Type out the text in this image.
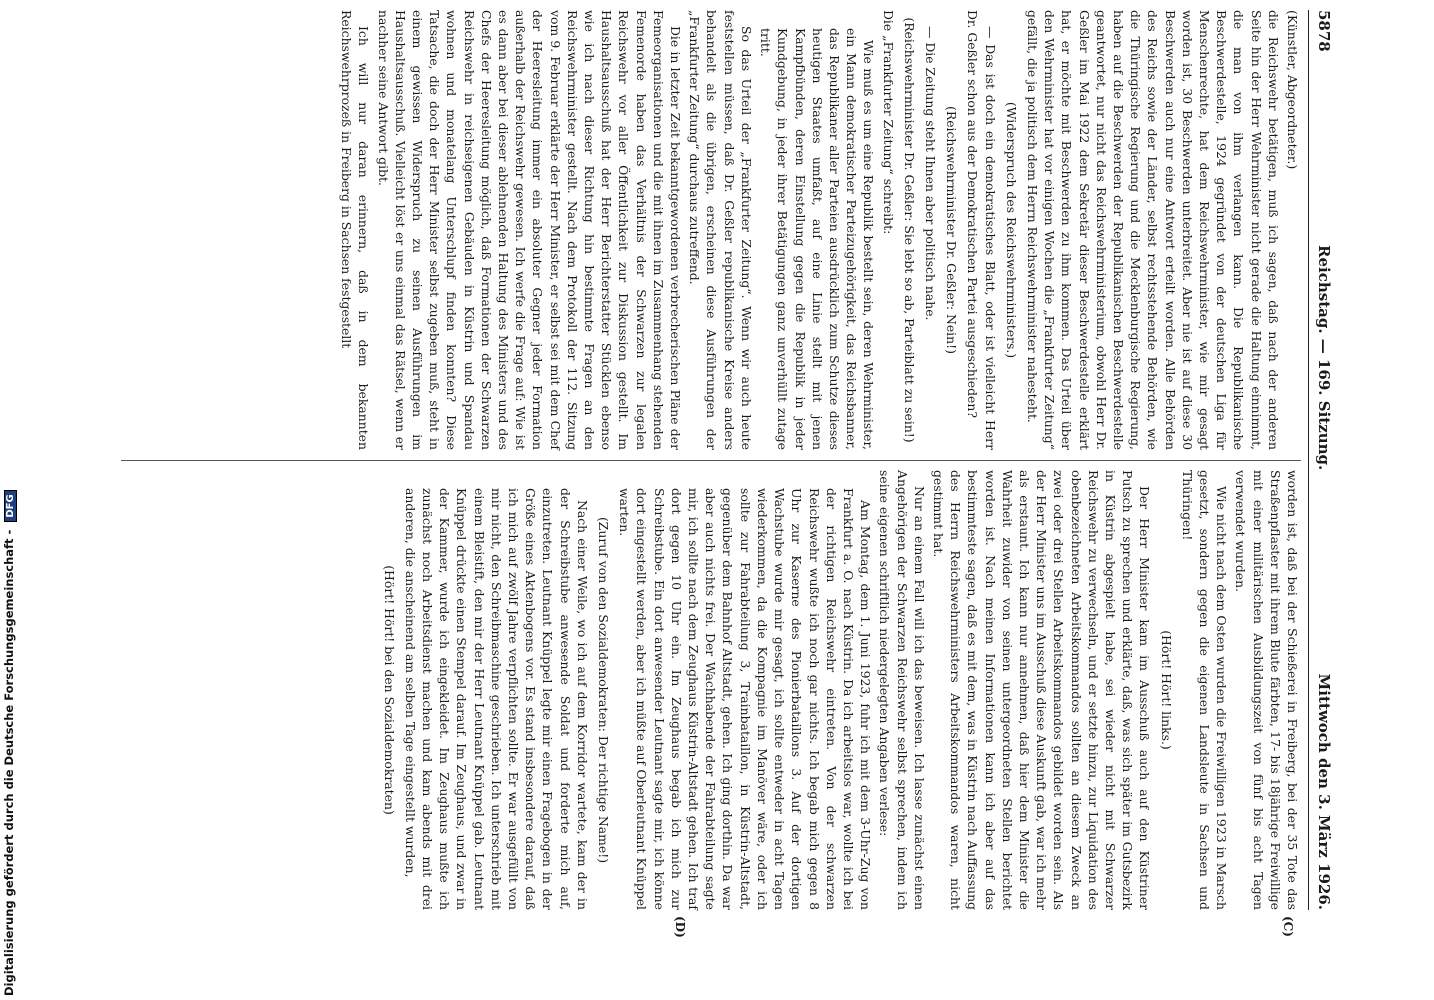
5878
Reichstag. — 169. Sitzung.
Mittwoch den 3. März 1926.
(C)
(D)

(Künstler, Abgeordneter.)

die Reichswehr betätigen, muß ich sagen, daß nach der anderen Seite hin der Herr Wehrminister nicht gerade die Haltung einnimmt, die man von ihm verlangen kann. Die Republikanische Beschwerdestelle, 1924 gegründet von der deutschen Liga für Menschenrechte, hat dem Reichswehrminister, wie mir gesagt worden ist, 30 Beschwerden unterbreitet. Aber nie ist auf diese 30 Beschwerden auch nur eine Antwort erteilt worden. Alle Behörden des Reichs sowie der Länder, selbst rechtsstehende Behörden, wie die Thüringische Regierung und die Mecklenburgische Regierung, haben auf die Beschwerden der Republikanischen Beschwerdestelle geantwortet, nur nicht das Reichswehrministerium, obwohl Herr Dr. Geßler im Mai 1922 dem Sekretär dieser Beschwerdestelle erklärt hat, er möchte mit Beschwerden zu ihm kommen. Das Urteil über den Wehrminister hat vor einigen Wochen die „Frankfurter Zeitung“ gefällt, die ja politisch dem Herrn Reichswehrminister nahesteht.

(Widerspruch des Reichswehrministers.)

— Das ist doch ein demokratisches Blatt, oder ist vielleicht Herr Dr. Geßler schon aus der Demokratischen Partei ausgeschieden?

(Reichswehrminister Dr. Geßler: Nein!)

— Die Zeitung steht Ihnen aber politisch nahe.

(Reichswehrminister Dr. Geßler: Sie lebt so ab, Parteiblatt zu sein!)

Die „Frankfurter Zeitung“ schreibt:

Wie muß es um eine Republik bestellt sein, deren Wehrminister, ein Mann demokratischer Parteizugehörigkeit, das Reichsbanner, das Republikaner aller Parteien ausdrücklich zum Schutze dieses heutigen Staates umfaßt, auf eine Linie stellt mit jenen Kampfbünden, deren Einstellung gegen die Republik in jeder Kundgebung, in jeder ihrer Betätigungen ganz unverhüllt zutage tritt.

So das Urteil der „Frankfurter Zeitung“. Wenn wir auch heute feststellen müssen, daß Dr. Geßler republikanische Kreise anders behandelt als die übrigen, erscheinen diese Ausführungen der „Frankfurter Zeitung“ durchaus zutreffend.

Die in letzter Zeit bekanntgewordenen verbrecherischen Pläne der Femeorganisationen und die mit ihnen im Zusammenhang stehenden Femenorde haben das Verhältnis der Schwarzen zur legalen Reichswehr vor aller Öffentlichkeit zur Diskussion gestellt. Im Haushaltsausschuß hat der Herr Berichterstatter Stücklen ebenso wie ich nach dieser Richtung hin bestimmte Fragen an den Reichswehrminister gestellt. Nach dem Protokoll der 112. Sitzung vom 9. Februar erklärte der Herr Minister, er selbst sei mit dem Chef der Heeresleitung immer ein absoluter Gegner jeder Formation außerhalb der Reichswehr gewesen. Ich werfe die Frage auf: Wie ist es dann aber bei dieser ablehnenden Haltung des Ministers und des Chefs der Heeresleitung möglich, daß Formationen der Schwarzen Reichswehr in reichseigenen Gebäuden in Küstrin und Spandau wohnen und monatelang Unterschlupf finden konnten? Diese Tatsache, die doch der Herr Minister selbst zugeben muß, steht in einem gewissen Widerspruch zu seinen Ausführungen im Haushaltsausschuß. Vielleicht löst er uns einmal das Rätsel, wenn er nachher seine Antwort gibt.

Ich will nur daran erinnern, daß in dem bekannten Reichswehrprozeß in Freiberg in Sachsen festgestellt

worden ist, daß bei der Schießerei in Freiberg, bei der 35 Tote das Straßenpflaster mit ihrem Blute färbten, 17- bis 18jährige Freiwillige mit einer militärischen Ausbildungszeit von fünf bis acht Tagen verwendet wurden.

Wie nicht nach dem Osten wurden die Freiwilligen 1923 in Marsch gesetzt, sondern gegen die eigenen Landsleute in Sachsen und Thüringen!

(Hört! Hört! links.)

Der Herr Minister kam im Ausschuß auch auf den Küstriner Putsch zu sprechen und erklärte, daß, was sich später im Gutsbezirk in Küstrin abgespielt habe, sei wieder nicht mit Schwarzer Reichswehr zu verwechseln, und er setzte hinzu, zur Liquidation des obenbezeichneten Arbeitskommandos sollten an diesem Zweck an zwei oder drei Stellen Arbeitskommandos gebildet worden sein. Als der Herr Minister uns im Ausschuß diese Auskunft gab, war ich mehr als erstaunt. Ich kann nur annehmen, daß hier dem Minister die Wahrheit zuwider von seinen untergeordneten Stellen berichtet worden ist. Nach meinen Informationen kann ich aber auf das bestimmteste sagen, daß es mit dem, was in Küstrin nach Auffassung des Herrn Reichswehrministers Arbeitskommandos waren, nicht gestimmt hat.

Nur an einem Fall will ich das beweisen. Ich lasse zunächst einen Angehörigen der Schwarzen Reichswehr selbst sprechen, indem ich seine eigenen schriftlich niedergelegten Angaben verlese:

Am Montag, dem 1. Juni 1923, fuhr ich mit dem 3-Uhr-Zug von Frankfurt a. O. nach Küstrin. Da ich arbeitslos war, wollte ich bei der richtigen Reichswehr eintreten. Von der schwarzen Reichswehr wußte ich noch gar nichts. Ich begab mich gegen 8 Uhr zur Kaserne des Pionierbataillons 3. Auf der dortigen Wachstube wurde mir gesagt, ich sollte entweder in acht Tagen wiederkommen, da die Kompagnie im Manöver wäre, oder ich sollte zur Fahrabteilung 3, Trainbataillon, in Küstrin-Altstadt, gegenüber dem Bahnhof Altstadt, gehen. Ich ging dorthin. Da war aber auch nichts frei. Der Wachhabende der Fahrabteilung sagte mir, ich sollte nach dem Zeughaus Küstrin-Altstadt gehen. Ich traf dort gegen 10 Uhr ein. Im Zeughaus begab ich mich zur Schreibstube. Ein dort anwesender Leutnant sagte mir, ich könne dort eingestellt werden, aber ich müßte auf Oberleutnant Knüppel warten.

(Zuruf von den Sozialdemokraten: Der richtige Name!)

Nach einer Weile, wo ich auf dem Korridor wartete, kam der in der Schreibstube anwesende Soldat und forderte mich auf, einzutreten. Leutnant Knüppel legte mir einen Fragebogen in der Größe eines Aktenbogens vor. Es stand insbesondere darauf, daß ich mich auf zwölf Jahre verpflichten sollte. Er war ausgefüllt von mir nicht, den Schreibmaschine geschrieben. Ich unterschrieb mit einem Bleistift, den mir der Herr Leutnant Knüppel gab. Leutnant Knüppel drückte einen Stempel darauf. Im Zeughaus, und zwar in der Kammer, wurde ich eingekleidet. Im Zeughaus mußte ich zunächst noch Arbeitsdienst machen und kam abends mit drei anderen, die anscheinend am selben Tage eingestellt wurden,

(Hört! Hört! bei den Sozialdemokraten)

Digitalisierung gefördert durch die Deutsche Forschungsgemeinschaft - DFG
